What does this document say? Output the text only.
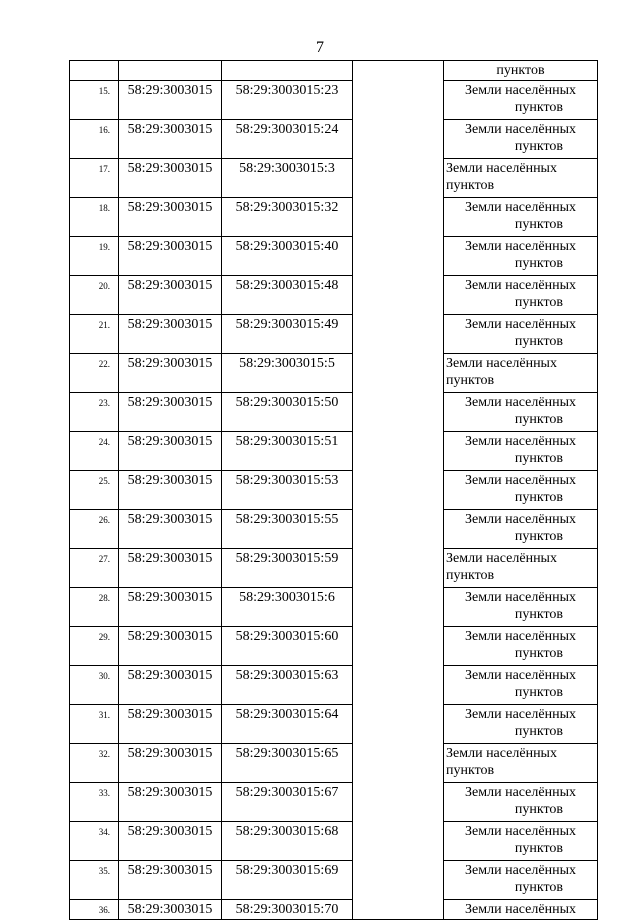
7

				пунктов

15.	58:29:3003015	58:29:3003015:23		Земли населённых
пунктов

16.	58:29:3003015	58:29:3003015:24		Земли населённых
пунктов

17.	58:29:3003015	58:29:3003015:3		Земли населённых
пунктов

18.	58:29:3003015	58:29:3003015:32		Земли населённых
пунктов

19.	58:29:3003015	58:29:3003015:40		Земли населённых
пунктов

20.	58:29:3003015	58:29:3003015:48		Земли населённых
пунктов

21.	58:29:3003015	58:29:3003015:49		Земли населённых
пунктов

22.	58:29:3003015	58:29:3003015:5		Земли населённых
пунктов

23.	58:29:3003015	58:29:3003015:50		Земли населённых
пунктов

24.	58:29:3003015	58:29:3003015:51		Земли населённых
пунктов

25.	58:29:3003015	58:29:3003015:53		Земли населённых
пунктов

26.	58:29:3003015	58:29:3003015:55		Земли населённых
пунктов

27.	58:29:3003015	58:29:3003015:59		Земли населённых
пунктов

28.	58:29:3003015	58:29:3003015:6		Земли населённых
пунктов

29.	58:29:3003015	58:29:3003015:60		Земли населённых
пунктов

30.	58:29:3003015	58:29:3003015:63		Земли населённых
пунктов

31.	58:29:3003015	58:29:3003015:64		Земли населённых
пунктов

32.	58:29:3003015	58:29:3003015:65		Земли населённых
пунктов

33.	58:29:3003015	58:29:3003015:67		Земли населённых
пунктов

34.	58:29:3003015	58:29:3003015:68		Земли населённых
пунктов

35.	58:29:3003015	58:29:3003015:69		Земли населённых
пунктов

36.	58:29:3003015	58:29:3003015:70		Земли населённых
